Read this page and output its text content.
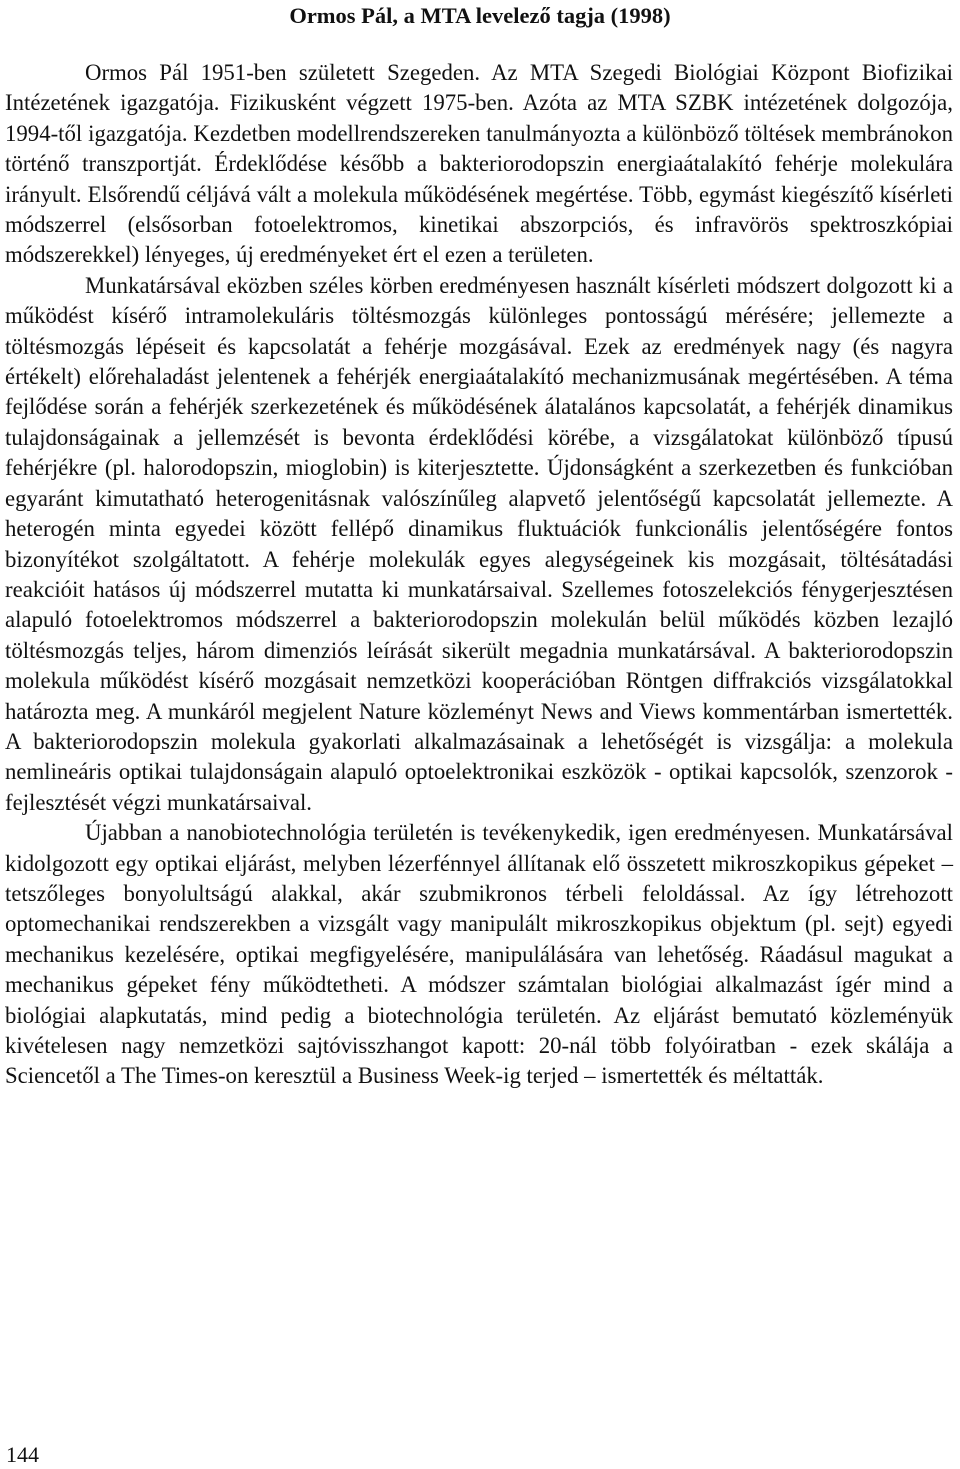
Ormos Pál, a MTA levelező tagja (1998)

Ormos Pál 1951-ben született Szegeden. Az MTA Szegedi Biológiai Központ Biofizikai Intézetének igazgatója. Fizikusként végzett 1975-ben. Azóta az MTA SZBK intézetének dolgozója, 1994-től igazgatója. Kezdetben modellrendszereken tanulmányozta a különböző töltések membránokon történő transzportját. Érdeklődése később a bakteriorodopszin energiaátalakító fehérje molekulára irányult. Elsőrendű céljává vált a molekula működésének megértése. Több, egymást kiegészítő kísérleti módszerrel (elsősorban fotoelektromos, kinetikai abszorpciós, és infravörös spektroszkópiai módszerekkel) lényeges, új eredményeket ért el ezen a területen.

Munkatársával eközben széles körben eredményesen használt kísérleti módszert dolgozott ki a működést kísérő intramolekuláris töltésmozgás különleges pontosságú mérésére; jellemezte a töltésmozgás lépéseit és kapcsolatát a fehérje mozgásával. Ezek az eredmények nagy (és nagyra értékelt) előrehaladást jelentenek a fehérjék energiaátalakító mechanizmusának megértésében. A téma fejlődése során a fehérjék szerkezetének és működésének álatalános kapcsolatát, a fehérjék dinamikus tulajdonságainak a jellemzését is bevonta érdeklődési körébe, a vizsgálatokat különböző típusú fehérjékre (pl. halorodopszin, mioglobin) is kiterjesztette. Újdonságként a szerkezetben és funkcióban egyaránt kimutatható heterogenitásnak valószínűleg alapvető jelentőségű kapcsolatát jellemezte. A heterogén minta egyedei között fellépő dinamikus fluktuációk funkcionális jelentőségére fontos bizonyítékot szolgáltatott. A fehérje molekulák egyes alegységeinek kis mozgásait, töltésátadási reakcióit hatásos új módszerrel mutatta ki munkatársaival. Szellemes fotoszelekciós fénygerjesztésen alapuló fotoelektromos módszerrel a bakteriorodopszin molekulán belül működés közben lezajló töltésmozgás teljes, három dimenziós leírását sikerült megadnia munkatársával. A bakteriorodopszin molekula működést kísérő mozgásait nemzetközi kooperációban Röntgen diffrakciós vizsgálatokkal határozta meg. A munkáról megjelent Nature közleményt News and Views kommentárban ismertették. A bakteriorodopszin molekula gyakorlati alkalmazásainak a lehetőségét is vizsgálja: a molekula nemlineáris optikai tulajdonságain alapuló optoelektronikai eszközök - optikai kapcsolók, szenzorok - fejlesztését végzi munkatársaival.

Újabban a nanobiotechnológia területén is tevékenykedik, igen eredményesen. Munkatársával kidolgozott egy optikai eljárást, melyben lézerfénnyel állítanak elő összetett mikroszkopikus gépeket – tetszőleges bonyolultságú alakkal, akár szubmikronos térbeli feloldással. Az így létrehozott optomechanikai rendszerekben a vizsgált vagy manipulált mikroszkopikus objektum (pl. sejt) egyedi mechanikus kezelésére, optikai megfigyelésére, manipulálására van lehetőség. Ráadásul magukat a mechanikus gépeket fény működtetheti. A módszer számtalan biológiai alkalmazást ígér mind a biológiai alapkutatás, mind pedig a biotechnológia területén. Az eljárást bemutató közleményük kivételesen nagy nemzetközi sajtóvisszhangot kapott: 20-nál több folyóiratban - ezek skálája a Sciencetől a The Times-on keresztül a Business Week-ig terjed – ismertették és méltatták.

144
